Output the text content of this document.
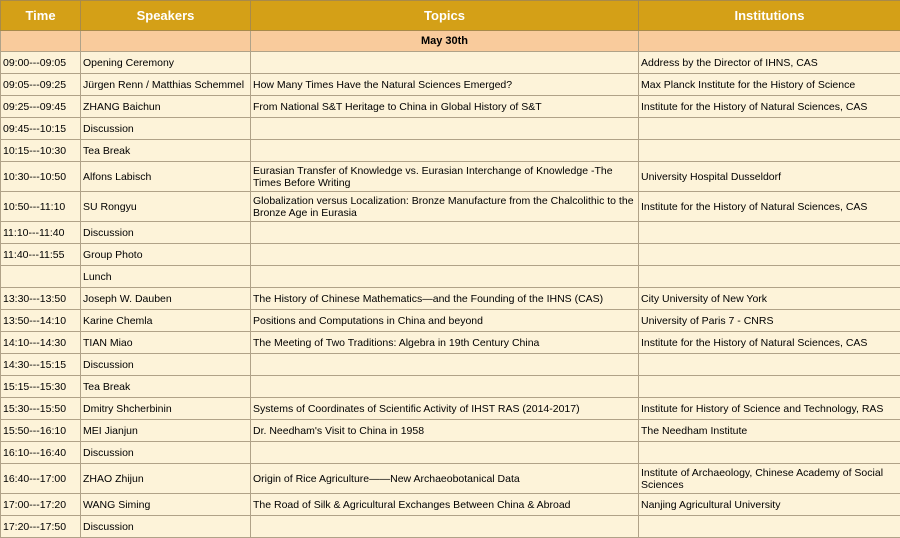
Time	Speakers	Topics	Institutions
		May 30th	
09:00---09:05	Opening Ceremony		Address by the Director of IHNS, CAS
09:05---09:25	Jürgen Renn / Matthias Schemmel	How Many Times Have the Natural Sciences Emerged?	Max Planck Institute for the History of Science
09:25---09:45	ZHANG Baichun	From National S&T Heritage to China in Global History of S&T	Institute for the History of Natural Sciences, CAS
09:45---10:15	Discussion		
10:15---10:30	Tea Break		
10:30---10:50	Alfons Labisch	Eurasian Transfer of Knowledge vs. Eurasian Interchange of Knowledge -The Times Before Writing	University Hospital Dusseldorf
10:50---11:10	SU Rongyu	Globalization versus Localization: Bronze Manufacture from the Chalcolithic to the Bronze Age in Eurasia	Institute for the History of Natural Sciences, CAS
11:10---11:40	Discussion		
11:40---11:55	Group Photo		
	Lunch		
13:30---13:50	Joseph W. Dauben	The History of Chinese Mathematics—and the Founding of the IHNS (CAS)	City University of New York
13:50---14:10	Karine Chemla	Positions and Computations in China and beyond	University of Paris 7 - CNRS
14:10---14:30	TIAN Miao	The Meeting of Two Traditions: Algebra in 19th Century China	Institute for the History of Natural Sciences, CAS
14:30---15:15	Discussion		
15:15---15:30	Tea Break		
15:30---15:50	Dmitry Shcherbinin	Systems of Coordinates of Scientific Activity of IHST RAS (2014-2017)	Institute for History of Science and Technology, RAS
15:50---16:10	MEI Jianjun	Dr. Needham's Visit to China in 1958	The Needham Institute
16:10---16:40	Discussion		
16:40---17:00	ZHAO Zhijun	Origin of Rice Agriculture——New Archaeobotanical Data	Institute of Archaeology, Chinese Academy of Social Sciences
17:00---17:20	WANG Siming	The Road of Silk & Agricultural Exchanges Between China & Abroad	Nanjing Agricultural University
17:20---17:50	Discussion		
